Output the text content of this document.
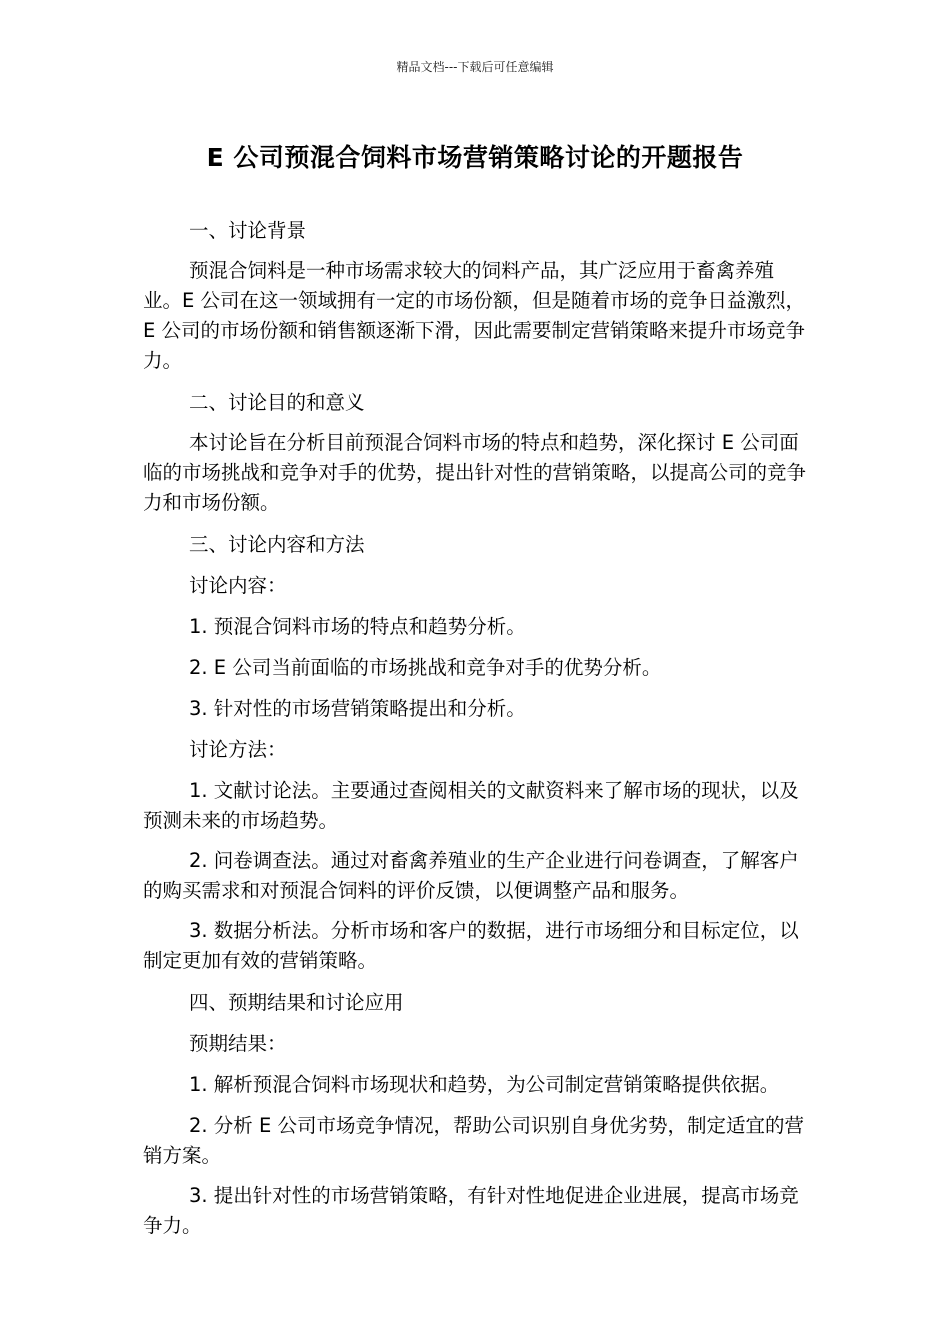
精品文档---下载后可任意编辑
E 公司预混合饲料市场营销策略讨论的开题报告

一、讨论背景

预混合饲料是一种市场需求较大的饲料产品，其广泛应用于畜禽养殖业。E 公司在这一领域拥有一定的市场份额，但是随着市场的竞争日益激烈，E 公司的市场份额和销售额逐渐下滑，因此需要制定营销策略来提升市场竞争力。

二、讨论目的和意义

本讨论旨在分析目前预混合饲料市场的特点和趋势，深化探讨 E 公司面临的市场挑战和竞争对手的优势，提出针对性的营销策略，以提高公司的竞争力和市场份额。

三、讨论内容和方法

讨论内容：

1. 预混合饲料市场的特点和趋势分析。

2. E 公司当前面临的市场挑战和竞争对手的优势分析。

3. 针对性的市场营销策略提出和分析。

讨论方法：

1. 文献讨论法。主要通过查阅相关的文献资料来了解市场的现状，以及预测未来的市场趋势。

2. 问卷调查法。通过对畜禽养殖业的生产企业进行问卷调查，了解客户的购买需求和对预混合饲料的评价反馈，以便调整产品和服务。

3. 数据分析法。分析市场和客户的数据，进行市场细分和目标定位，以制定更加有效的营销策略。

四、预期结果和讨论应用

预期结果：

1. 解析预混合饲料市场现状和趋势，为公司制定营销策略提供依据。

2. 分析 E 公司市场竞争情况，帮助公司识别自身优劣势，制定适宜的营销方案。

3. 提出针对性的市场营销策略，有针对性地促进企业进展，提高市场竞争力。
